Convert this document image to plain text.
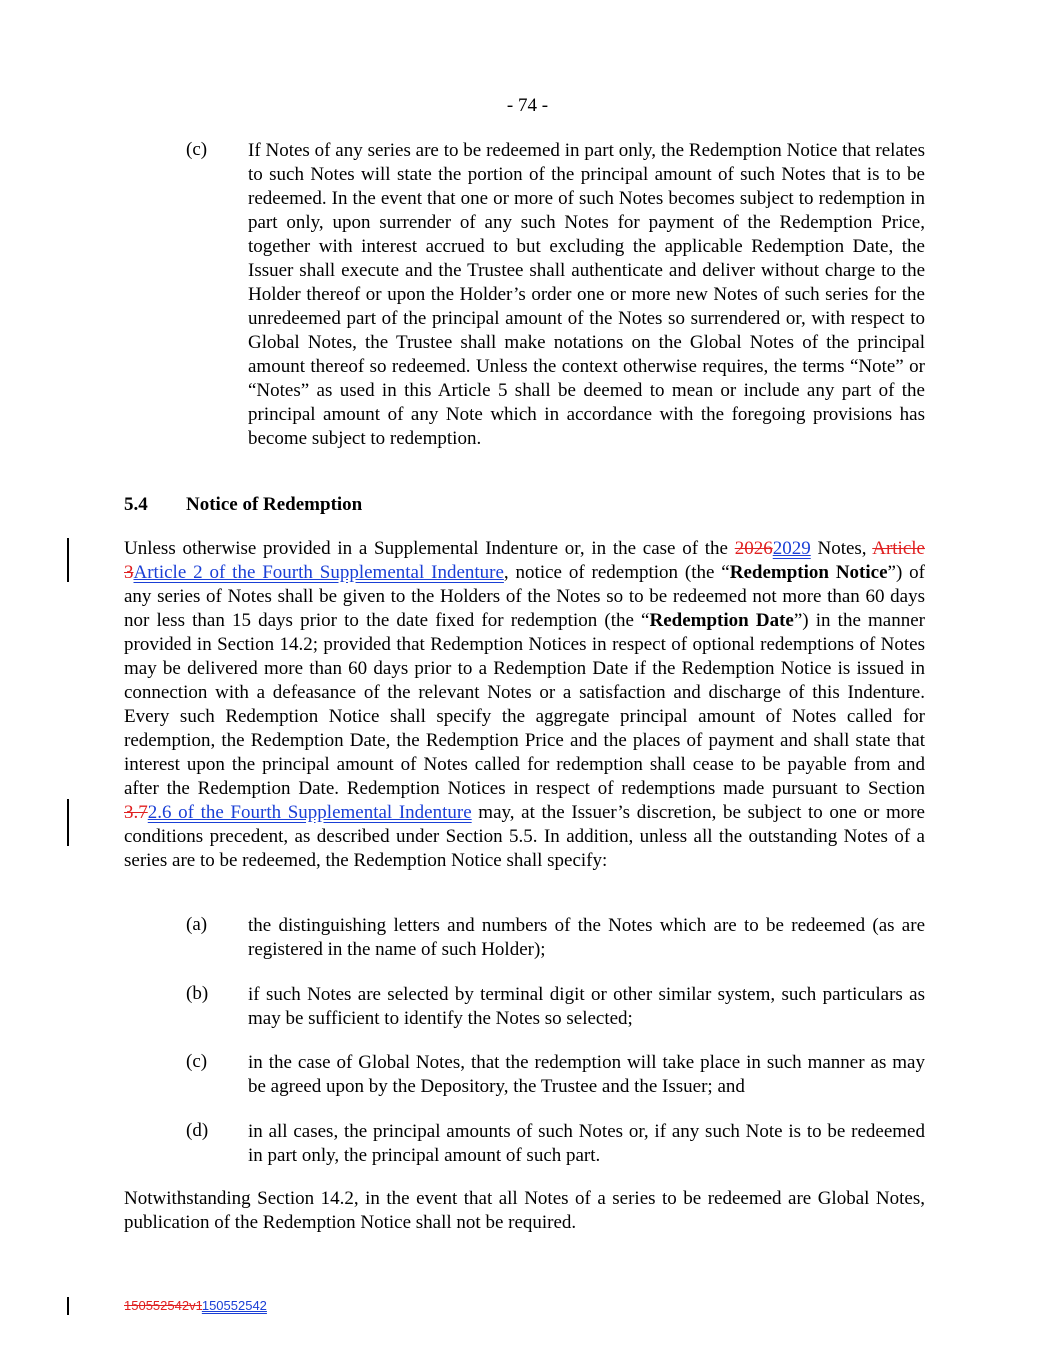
- 74 -
(c) If Notes of any series are to be redeemed in part only, the Redemption Notice that relates to such Notes will state the portion of the principal amount of such Notes that is to be redeemed. In the event that one or more of such Notes becomes subject to redemption in part only, upon surrender of any such Notes for payment of the Redemption Price, together with interest accrued to but excluding the applicable Redemption Date, the Issuer shall execute and the Trustee shall authenticate and deliver without charge to the Holder thereof or upon the Holder’s order one or more new Notes of such series for the unredeemed part of the principal amount of the Notes so surrendered or, with respect to Global Notes, the Trustee shall make notations on the Global Notes of the principal amount thereof so redeemed. Unless the context otherwise requires, the terms “Note” or “Notes” as used in this Article 5 shall be deemed to mean or include any part of the principal amount of any Note which in accordance with the foregoing provisions has become subject to redemption.
5.4 Notice of Redemption
Unless otherwise provided in a Supplemental Indenture or, in the case of the 20262029 Notes, Article 3Article 2 of the Fourth Supplemental Indenture, notice of redemption (the “Redemption Notice”) of any series of Notes shall be given to the Holders of the Notes so to be redeemed not more than 60 days nor less than 15 days prior to the date fixed for redemption (the “Redemption Date”) in the manner provided in Section 14.2; provided that Redemption Notices in respect of optional redemptions of Notes may be delivered more than 60 days prior to a Redemption Date if the Redemption Notice is issued in connection with a defeasance of the relevant Notes or a satisfaction and discharge of this Indenture. Every such Redemption Notice shall specify the aggregate principal amount of Notes called for redemption, the Redemption Date, the Redemption Price and the places of payment and shall state that interest upon the principal amount of Notes called for redemption shall cease to be payable from and after the Redemption Date. Redemption Notices in respect of redemptions made pursuant to Section 3.72.6 of the Fourth Supplemental Indenture may, at the Issuer’s discretion, be subject to one or more conditions precedent, as described under Section 5.5. In addition, unless all the outstanding Notes of a series are to be redeemed, the Redemption Notice shall specify:
(a) the distinguishing letters and numbers of the Notes which are to be redeemed (as are registered in the name of such Holder);
(b) if such Notes are selected by terminal digit or other similar system, such particulars as may be sufficient to identify the Notes so selected;
(c) in the case of Global Notes, that the redemption will take place in such manner as may be agreed upon by the Depository, the Trustee and the Issuer; and
(d) in all cases, the principal amounts of such Notes or, if any such Note is to be redeemed in part only, the principal amount of such part.
Notwithstanding Section 14.2, in the event that all Notes of a series to be redeemed are Global Notes, publication of the Redemption Notice shall not be required.
150552542v1150552542
